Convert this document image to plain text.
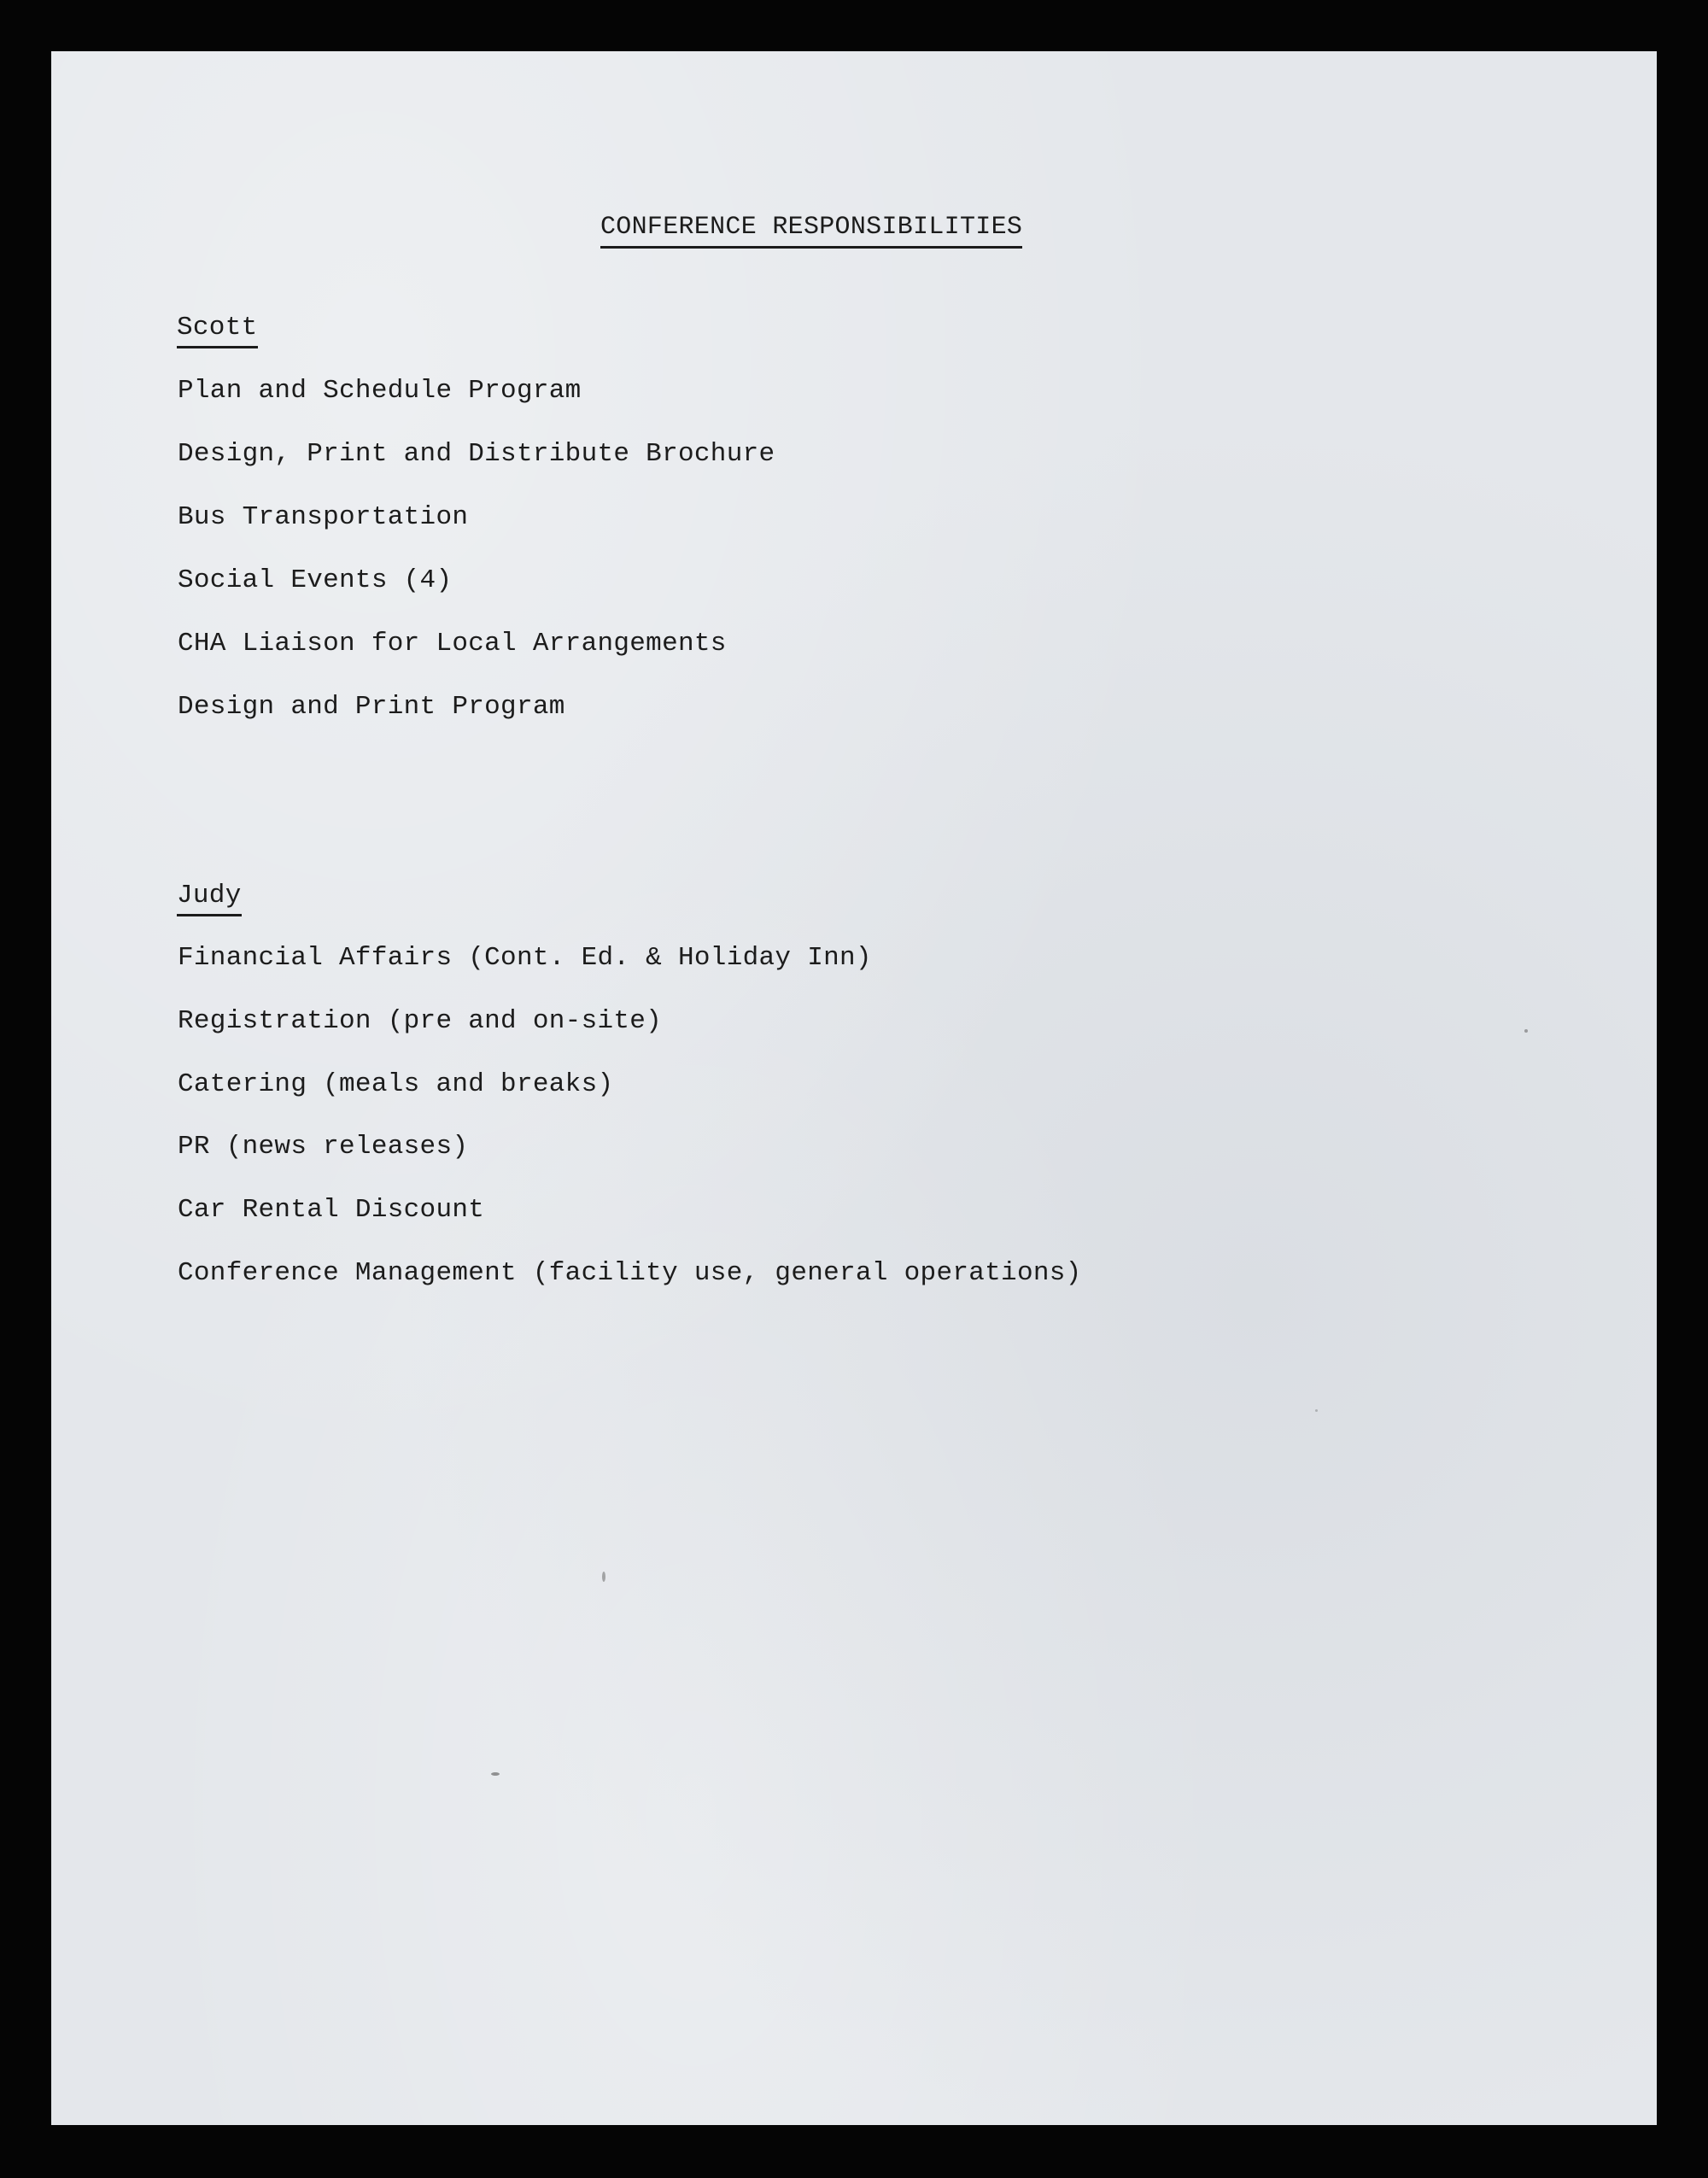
CONFERENCE RESPONSIBILITIES
Scott
Plan and Schedule Program
Design, Print and Distribute Brochure
Bus Transportation
Social Events (4)
CHA Liaison for Local Arrangements
Design and Print Program
Judy
Financial Affairs (Cont. Ed. & Holiday Inn)
Registration (pre and on-site)
Catering (meals and breaks)
PR (news releases)
Car Rental Discount
Conference Management (facility use, general operations)
